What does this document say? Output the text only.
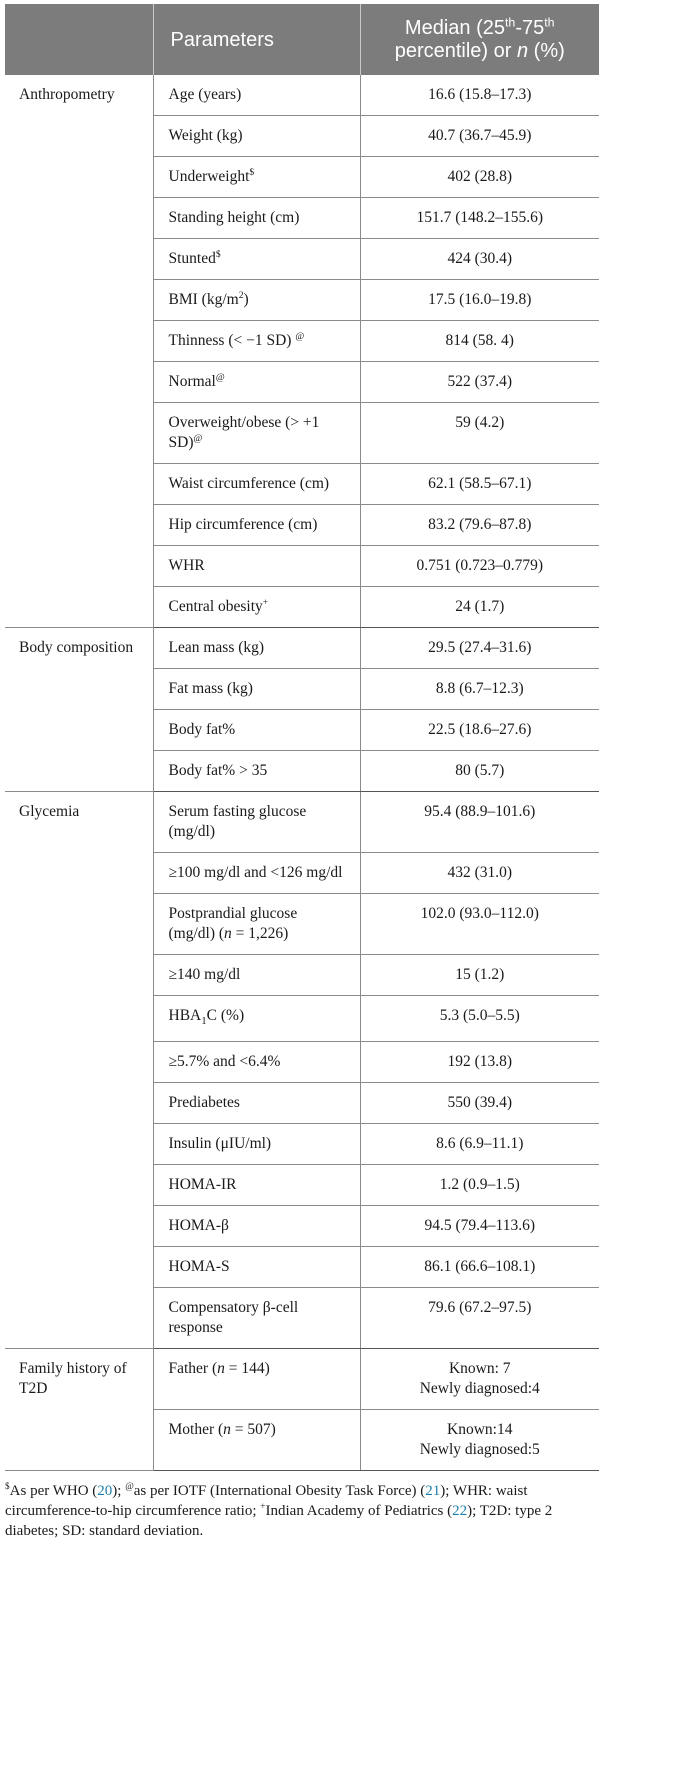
	Parameters	Median (25th-75th
percentile) or n (%)
Anthropometry	Age (years)	16.6 (15.8–17.3)
	Weight (kg)	40.7 (36.7–45.9)
	Underweight$	402 (28.8)
	Standing height (cm)	151.7 (148.2–155.6)
	Stunted$	424 (30.4)
	BMI $(kg/m^2)$	17.5 (16.0–19.8)
	Thinness (< −1 SD) @	814 (58. 4)
	Normal@	522 (37.4)
	Overweight/obese (> +1 SD)@	59 (4.2)
	Waist circumference (cm)	62.1 (58.5–67.1)
	Hip circumference (cm)	83.2 (79.6–87.8)
	WHR	0.751 (0.723–0.779)
	Central obesity+	24 (1.7)
Body composition	Lean mass (kg)	29.5 (27.4–31.6)
	Fat mass (kg)	8.8 (6.7–12.3)
	Body fat%	22.5 (18.6–27.6)
	Body fat% > 35	80 (5.7)
Glycemia	Serum fasting glucose (mg/dl)	95.4 (88.9–101.6)
	≥100 mg/dl and <126 mg/dl	432 (31.0)
	Postprandial glucose (mg/dl) (n = 1,226)	102.0 (93.0–112.0)
	≥140 mg/dl	15 (1.2)
	$HBA_1C$ (%)	5.3 (5.0–5.5)
	≥5.7% and <6.4%	192 (13.8)
	Prediabetes	550 (39.4)
	Insulin (μIU/ml)	8.6 (6.9–11.1)
	HOMA-IR	1.2 (0.9–1.5)
	HOMA-β	94.5 (79.4–113.6)
	HOMA-S	86.1 (66.6–108.1)
	Compensatory β-cell response	79.6 (67.2–97.5)
Family history of T2D	Father (n = 144)	Known: 7
Newly diagnosed:4

	Mother (n = 507)	Known:14
Newly diagnosed:5
$As per WHO (20); @as per IOTF (International Obesity Task Force) (21); WHR: waist circumference-to-hip circumference ratio; +Indian Academy of Pediatrics (22); T2D: type 2 diabetes; SD: standard deviation.
